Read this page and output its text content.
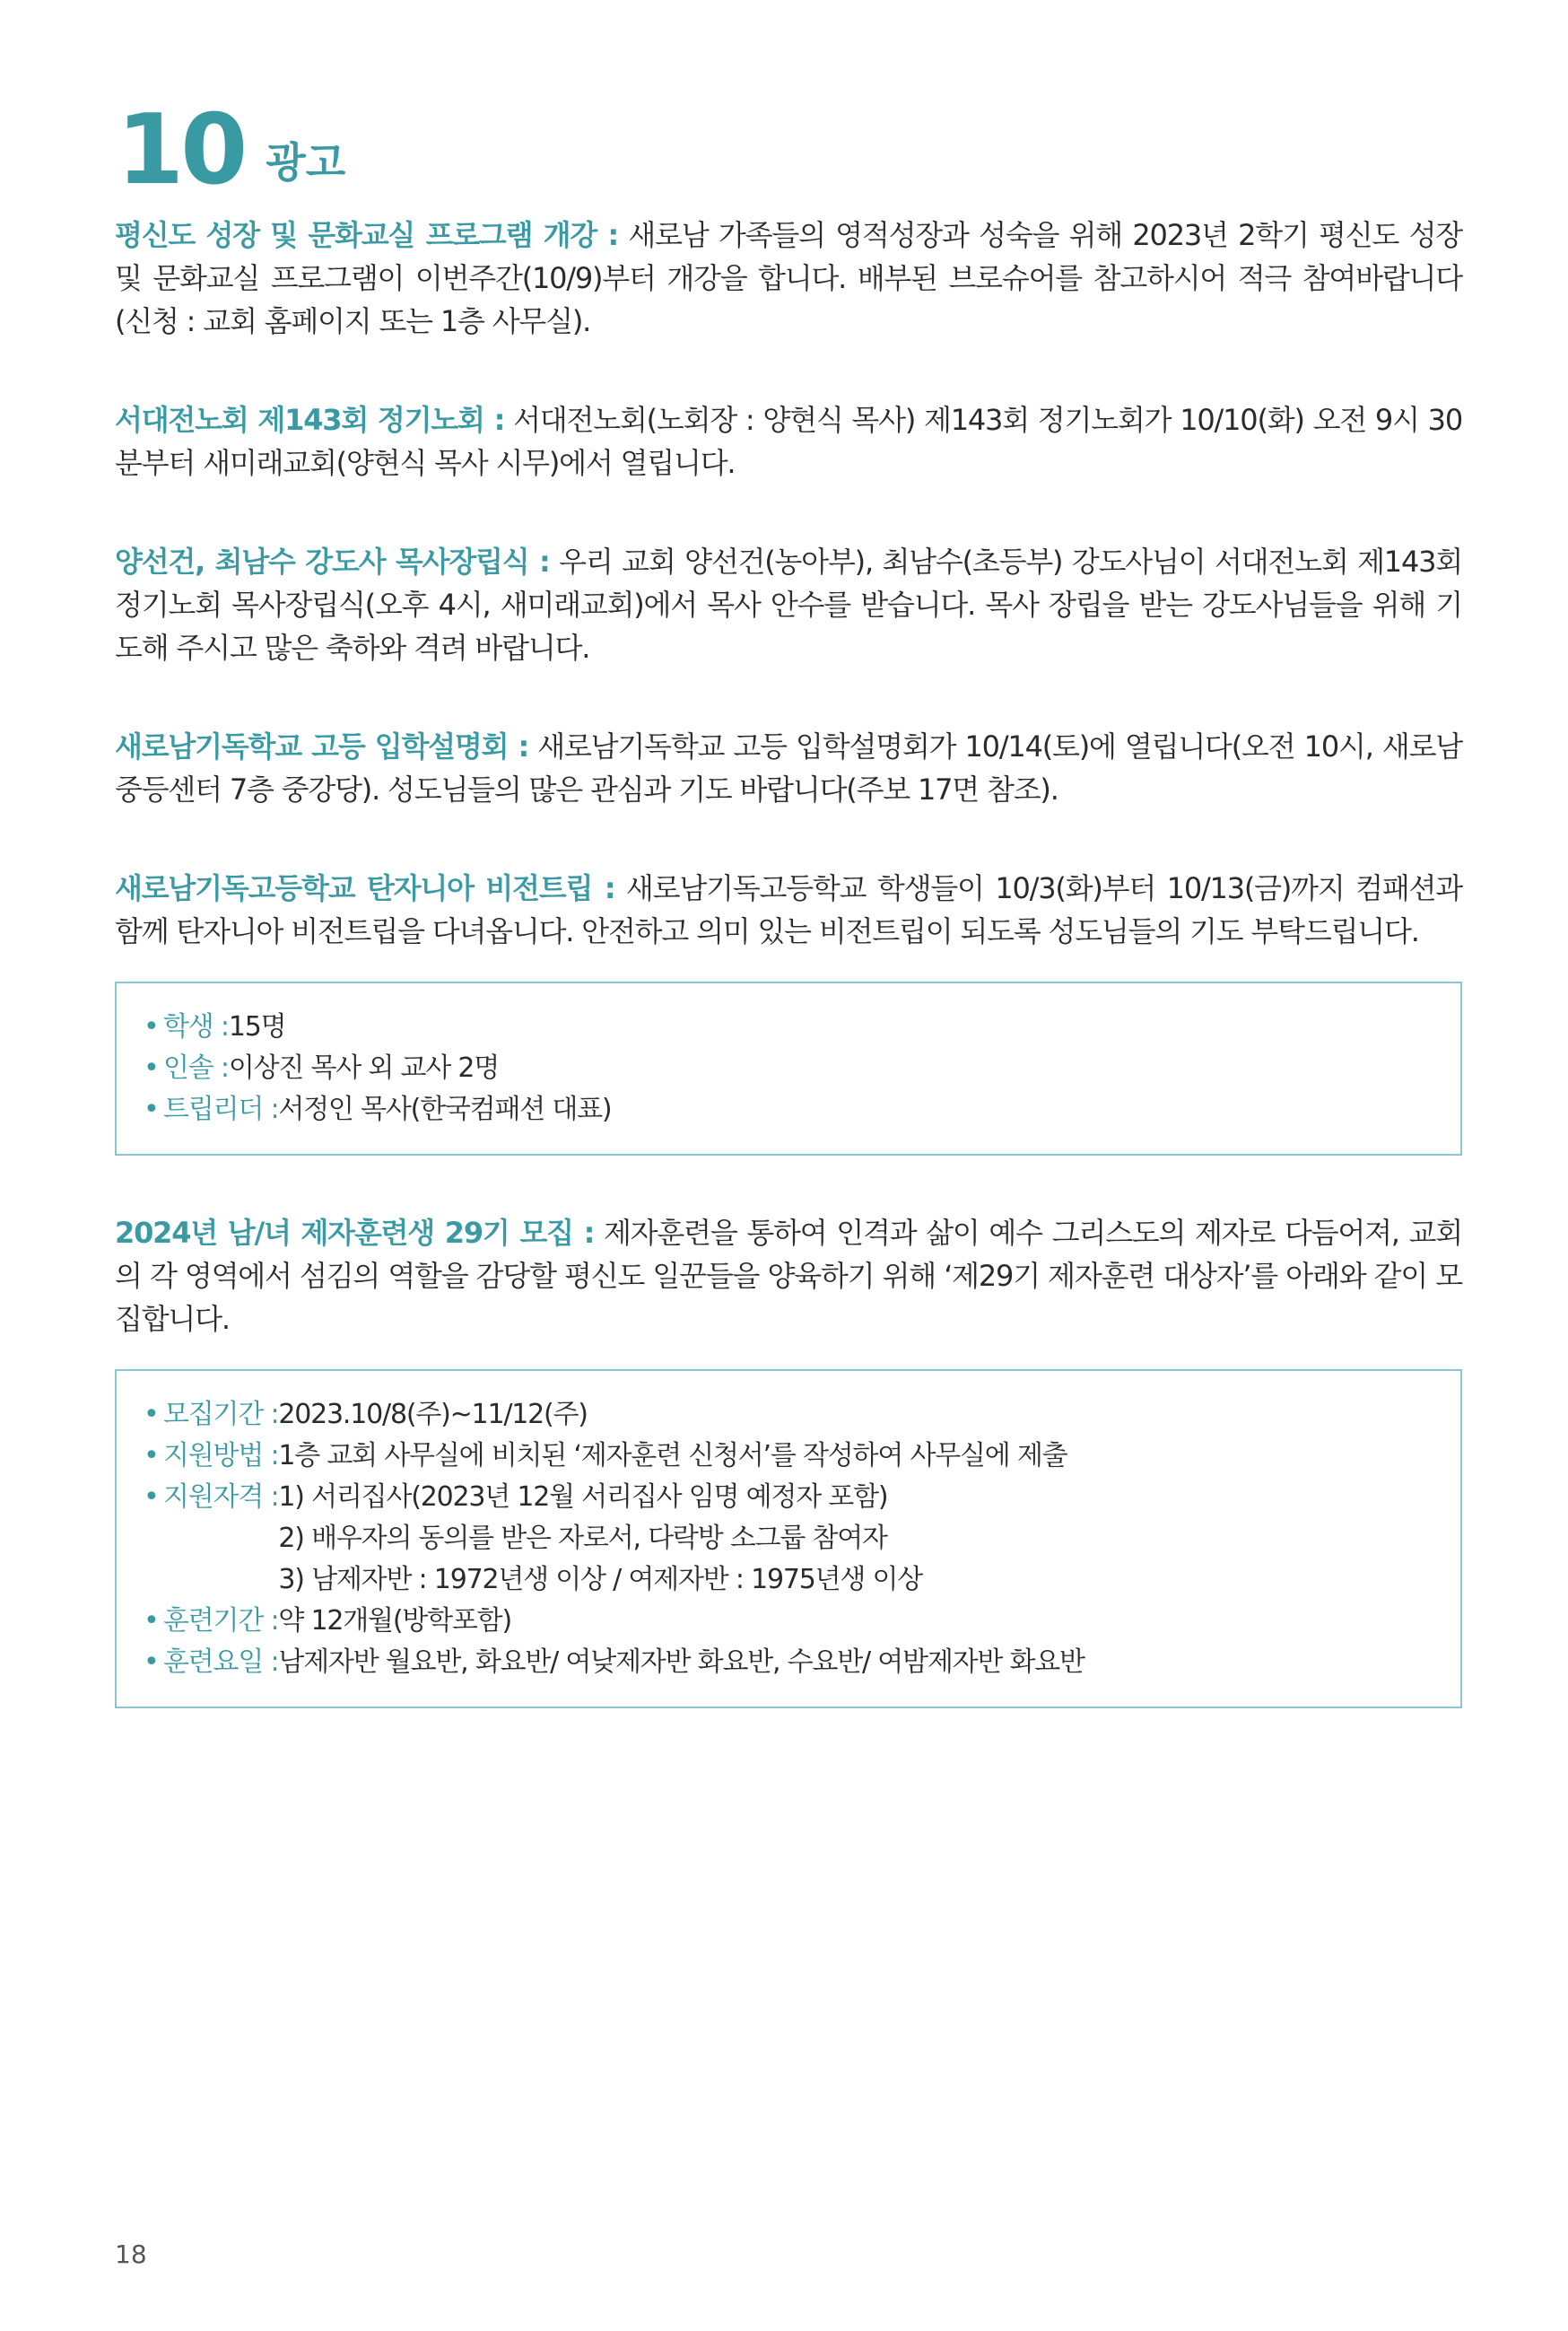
10 광고

평신도 성장 및 문화교실 프로그램 개강 : 새로남 가족들의 영적성장과 성숙을 위해 2023년 2학기 평신도 성장 및 문화교실 프로그램이 이번주간(10/9)부터 개강을 합니다. 배부된 브로슈어를 참고하시어 적극 참여바랍니다(신청 : 교회 홈페이지 또는 1층 사무실).

서대전노회 제143회 정기노회 : 서대전노회(노회장 : 양현식 목사) 제143회 정기노회가 10/10(화) 오전 9시 30분부터 새미래교회(양현식 목사 시무)에서 열립니다.

양선건, 최남수 강도사 목사장립식 : 우리 교회 양선건(농아부), 최남수(초등부) 강도사님이 서대전노회 제143회 정기노회 목사장립식(오후 4시, 새미래교회)에서 목사 안수를 받습니다. 목사 장립을 받는 강도사님들을 위해 기도해 주시고 많은 축하와 격려 바랍니다.

새로남기독학교 고등 입학설명회 : 새로남기독학교 고등 입학설명회가 10/14(토)에 열립니다(오전 10시, 새로남중등센터 7층 중강당). 성도님들의 많은 관심과 기도 바랍니다(주보 17면 참조).

새로남기독고등학교 탄자니아 비전트립 : 새로남기독고등학교 학생들이 10/3(화)부터 10/13(금)까지 컴패션과 함께 탄자니아 비전트립을 다녀옵니다. 안전하고 의미 있는 비전트립이 되도록 성도님들의 기도 부탁드립니다.

• 학생 : 15명
• 인솔 : 이상진 목사 외 교사 2명
• 트립리더 : 서정인 목사(한국컴패션 대표)

2024년 남/녀 제자훈련생 29기 모집 : 제자훈련을 통하여 인격과 삶이 예수 그리스도의 제자로 다듬어져, 교회의 각 영역에서 섬김의 역할을 감당할 평신도 일꾼들을 양육하기 위해 ‘제29기 제자훈련 대상자’를 아래와 같이 모집합니다.

• 모집기간 : 2023.10/8(주)~11/12(주)
• 지원방법 : 1층 교회 사무실에 비치된 ‘제자훈련 신청서’를 작성하여 사무실에 제출
• 지원자격 : 1) 서리집사(2023년 12월 서리집사 임명 예정자 포함)
2) 배우자의 동의를 받은 자로서, 다락방 소그룹 참여자
3) 남제자반 : 1972년생 이상 / 여제자반 : 1975년생 이상
• 훈련기간 : 약 12개월(방학포함)
• 훈련요일 : 남제자반 월요반, 화요반/ 여낮제자반 화요반, 수요반/ 여밤제자반 화요반
18
